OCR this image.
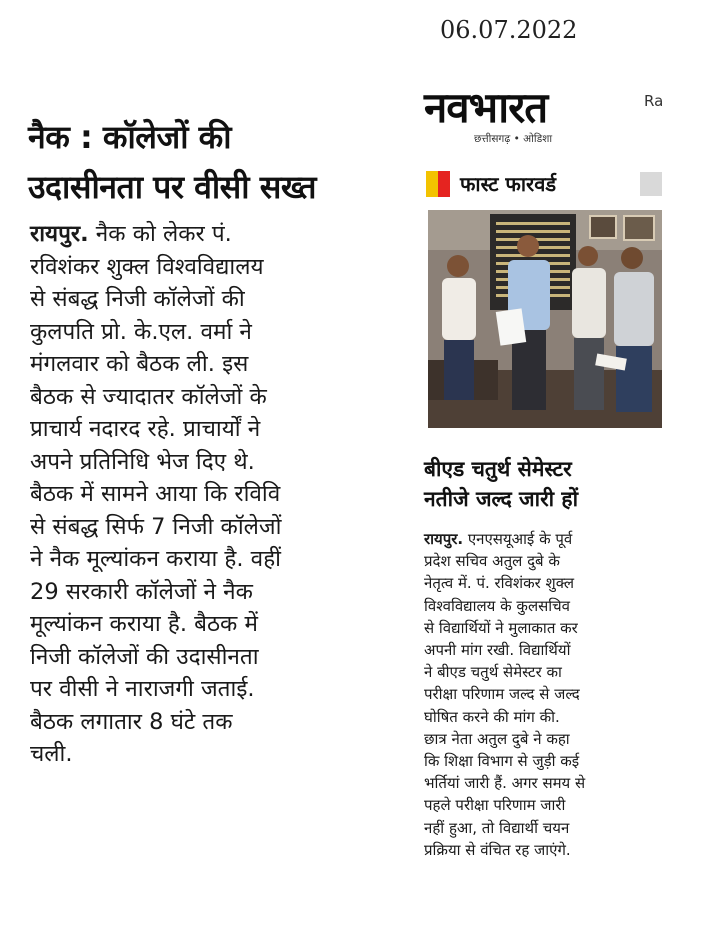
06.07.2022
नैक : कॉलेजों की
उदासीनता पर वीसी सख्त
रायपुर. नैक को लेकर पं.
रविशंकर शुक्ल विश्वविद्यालय
से संबद्ध निजी कॉलेजों की
कुलपति प्रो. के.एल. वर्मा ने
मंगलवार को बैठक ली. इस
बैठक से ज्यादातर कॉलेजों के
प्राचार्य नदारद रहे. प्राचार्यों ने
अपने प्रतिनिधि भेज दिए थे.
बैठक में सामने आया कि रविवि
से संबद्ध सिर्फ 7 निजी कॉलेजों
ने नैक मूल्यांकन कराया है. वहीं
29 सरकारी कॉलेजों ने नैक
मूल्यांकन कराया है. बैठक में
निजी कॉलेजों की उदासीनता
पर वीसी ने नाराजगी जताई.
बैठक लगातार 8 घंटे तक
चली.
नवभारत
छत्तीसगढ़ • ओडिशा
Ra
फास्ट फारवर्ड
बीएड चतुर्थ सेमेस्टर
नतीजे जल्द जारी हों
रायपुर. एनएसयूआई के पूर्व
प्रदेश सचिव अतुल दुबे के
नेतृत्व में. पं. रविशंकर शुक्ल
विश्वविद्यालय के कुलसचिव
से विद्यार्थियों ने मुलाकात कर
अपनी मांग रखी. विद्यार्थियों
ने बीएड चतुर्थ सेमेस्टर का
परीक्षा परिणाम जल्द से जल्द
घोषित करने की मांग की.
छात्र नेता अतुल दुबे ने कहा
कि शिक्षा विभाग से जुड़ी कई
भर्तियां जारी हैं. अगर समय से
पहले परीक्षा परिणाम जारी
नहीं हुआ, तो विद्यार्थी चयन
प्रक्रिया से वंचित रह जाएंगे.
